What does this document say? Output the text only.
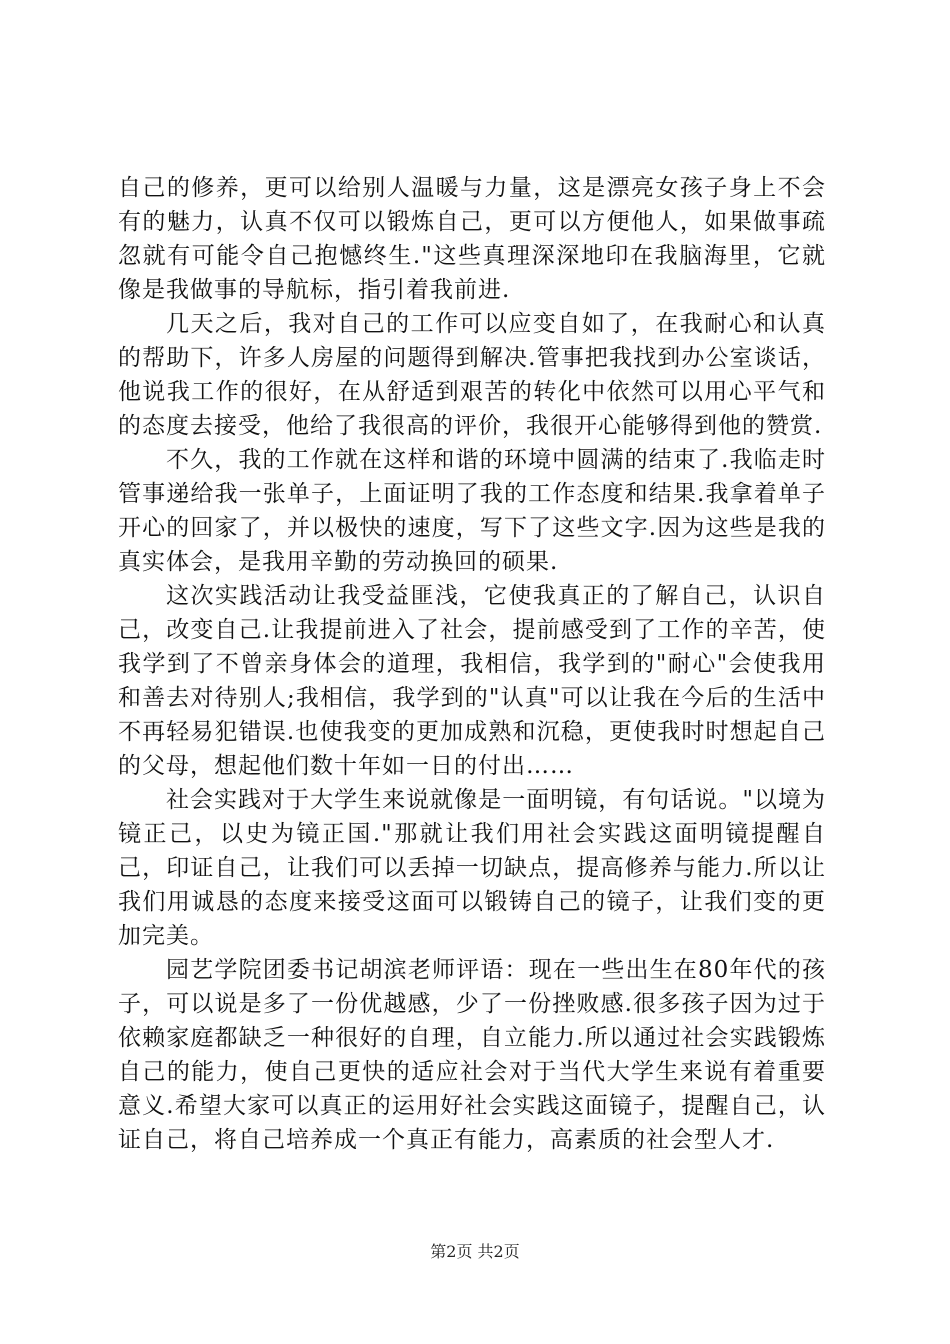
自己的修养，更可以给别人温暖与力量，这是漂亮女孩子身上不会有的魅力，认真不仅可以锻炼自己，更可以方便他人，如果做事疏忽就有可能令自己抱憾终生."这些真理深深地印在我脑海里，它就像是我做事的导航标，指引着我前进.

几天之后，我对自己的工作可以应变自如了，在我耐心和认真的帮助下，许多人房屋的问题得到解决.管事把我找到办公室谈话，他说我工作的很好，在从舒适到艰苦的转化中依然可以用心平气和的态度去接受，他给了我很高的评价，我很开心能够得到他的赞赏.

不久，我的工作就在这样和谐的环境中圆满的结束了.我临走时管事递给我一张单子，上面证明了我的工作态度和结果.我拿着单子开心的回家了，并以极快的速度，写下了这些文字.因为这些是我的真实体会，是我用辛勤的劳动换回的硕果.

这次实践活动让我受益匪浅，它使我真正的了解自己，认识自己，改变自己.让我提前进入了社会，提前感受到了工作的辛苦，使我学到了不曾亲身体会的道理，我相信，我学到的"耐心"会使我用和善去对待别人;我相信，我学到的"认真"可以让我在今后的生活中不再轻易犯错误.也使我变的更加成熟和沉稳，更使我时时想起自己的父母，想起他们数十年如一日的付出……

社会实践对于大学生来说就像是一面明镜，有句话说。"以境为镜正己，以史为镜正国."那就让我们用社会实践这面明镜提醒自己，印证自己，让我们可以丢掉一切缺点，提高修养与能力.所以让我们用诚恳的态度来接受这面可以锻铸自己的镜子，让我们变的更加完美。

园艺学院团委书记胡滨老师评语：现在一些出生在80年代的孩子，可以说是多了一份优越感，少了一份挫败感.很多孩子因为过于依赖家庭都缺乏一种很好的自理，自立能力.所以通过社会实践锻炼自己的能力，使自己更快的适应社会对于当代大学生来说有着重要意义.希望大家可以真正的运用好社会实践这面镜子，提醒自己，认证自己，将自己培养成一个真正有能力，高素质的社会型人才.

第2页 共2页
